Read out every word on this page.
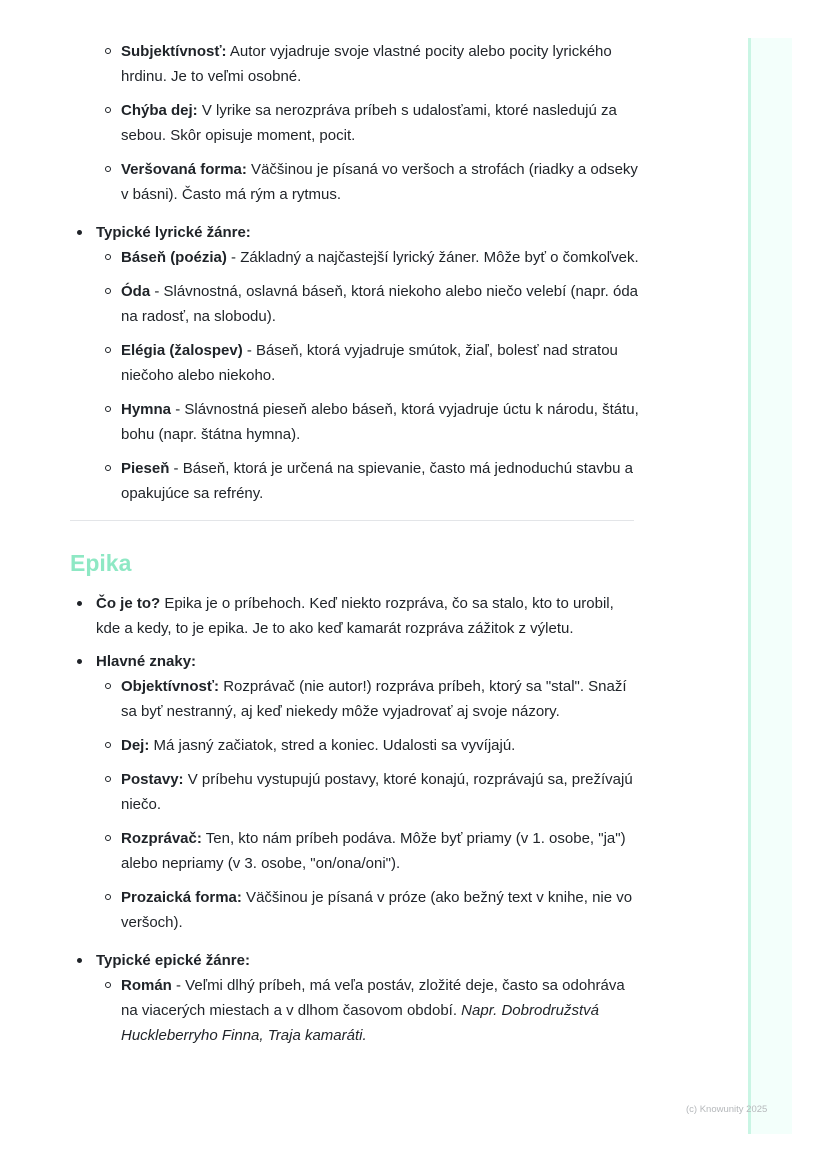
Subjektívnosť: Autor vyjadruje svoje vlastné pocity alebo pocity lyrického hrdinu. Je to veľmi osobné.
Chýba dej: V lyrike sa nerozpráva príbeh s udalosťami, ktoré nasledujú za sebou. Skôr opisuje moment, pocit.
Veršovaná forma: Väčšinou je písaná vo veršoch a strofách (riadky a odseky v básni). Často má rým a rytmus.
Typické lyrické žánre:
Báseň (poézia) - Základný a najčastejší lyrický žáner. Môže byť o čomkoľvek.
Óda - Slávnostná, oslavná báseň, ktorá niekoho alebo niečo velebí (napr. óda na radosť, na slobodu).
Elégia (žalospev) - Báseň, ktorá vyjadruje smútok, žiaľ, bolesť nad stratou niečoho alebo niekoho.
Hymna - Slávnostná pieseň alebo báseň, ktorá vyjadruje úctu k národu, štátu, bohu (napr. štátna hymna).
Pieseň - Báseň, ktorá je určená na spievanie, často má jednoduchú stavbu a opakujúce sa refrény.
Epika
Čo je to? Epika je o príbehoch. Keď niekto rozpráva, čo sa stalo, kto to urobil, kde a kedy, to je epika. Je to ako keď kamarát rozpráva zážitok z výletu.
Hlavné znaky:
Objektívnosť: Rozprávač (nie autor!) rozpráva príbeh, ktorý sa "stal". Snaží sa byť nestranný, aj keď niekedy môže vyjadrovať aj svoje názory.
Dej: Má jasný začiatok, stred a koniec. Udalosti sa vyvíjajú.
Postavy: V príbehu vystupujú postavy, ktoré konajú, rozprávajú sa, prežívajú niečo.
Rozprávač: Ten, kto nám príbeh podáva. Môže byť priamy (v 1. osobe, "ja") alebo nepriamy (v 3. osobe, "on/ona/oni").
Prozaická forma: Väčšinou je písaná v próze (ako bežný text v knihe, nie vo veršoch).
Typické epické žánre:
Román - Veľmi dlhý príbeh, má veľa postáv, zložité deje, často sa odohráva na viacerých miestach a v dlhom časovom období. Napr. Dobrodružstvá Huckleberryho Finna, Traja kamaráti.
(c) Knowunity 2025
